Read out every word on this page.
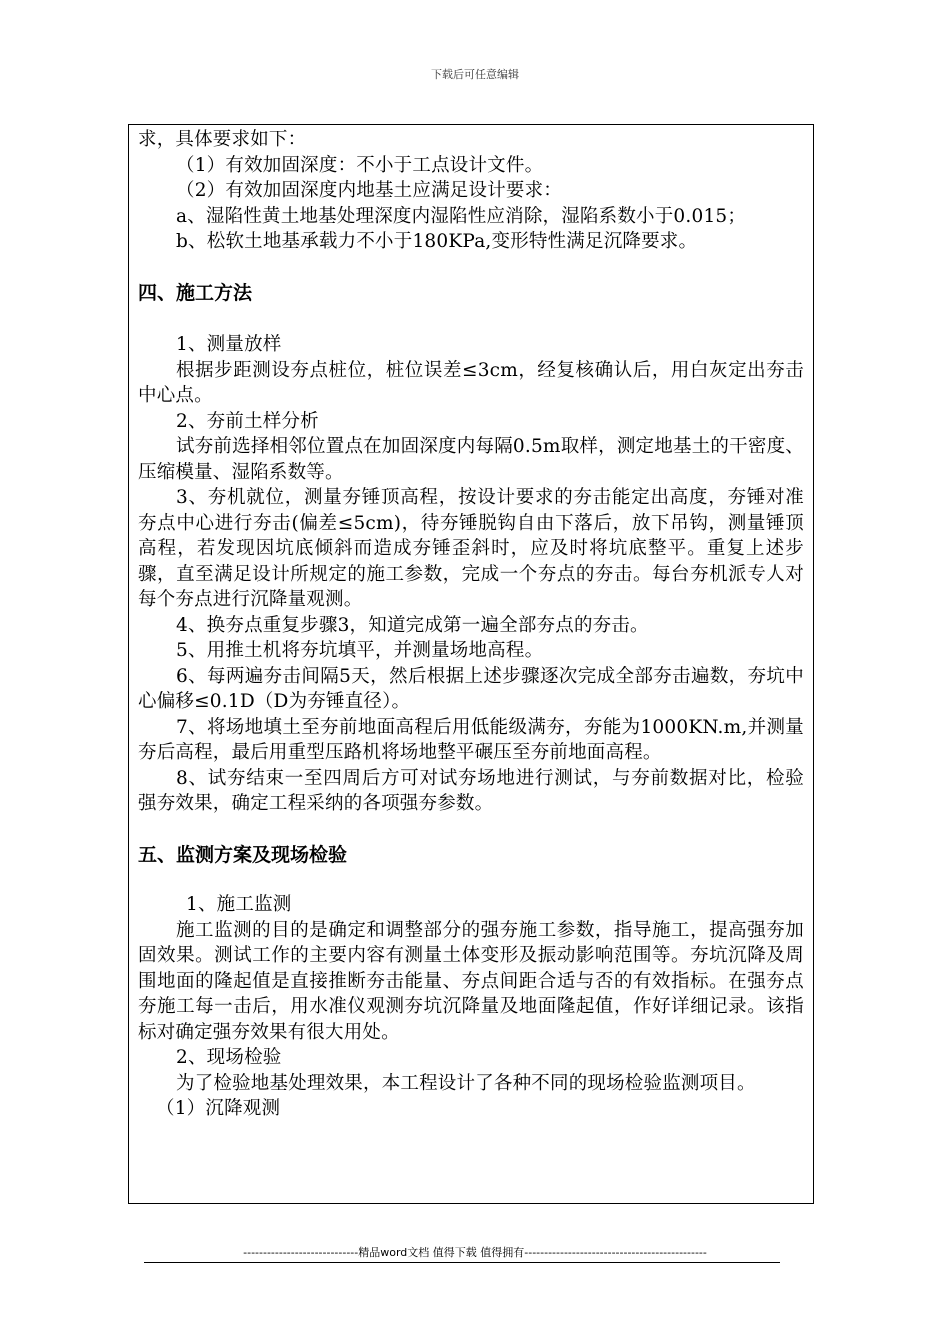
下载后可任意编辑

求，具体要求如下：

（1）有效加固深度：不小于工点设计文件。

（2）有效加固深度内地基土应满足设计要求：

a、湿陷性黄土地基处理深度内湿陷性应消除，湿陷系数小于0.015；

b、松软土地基承载力不小于180KPa,变形特性满足沉降要求。

四、施工方法

1、测量放样

根据步距测设夯点桩位，桩位误差≤3cm，经复核确认后，用白灰定出夯击中心点。

2、夯前土样分析

试夯前选择相邻位置点在加固深度内每隔0.5m取样，测定地基土的干密度、压缩模量、湿陷系数等。

3、夯机就位，测量夯锤顶高程，按设计要求的夯击能定出高度，夯锤对准夯点中心进行夯击(偏差≤5cm)，待夯锤脱钩自由下落后，放下吊钩，测量锤顶高程，若发现因坑底倾斜而造成夯锤歪斜时，应及时将坑底整平。重复上述步骤，直至满足设计所规定的施工参数，完成一个夯点的夯击。每台夯机派专人对每个夯点进行沉降量观测。

4、换夯点重复步骤3，知道完成第一遍全部夯点的夯击。

5、用推土机将夯坑填平，并测量场地高程。

6、每两遍夯击间隔5天，然后根据上述步骤逐次完成全部夯击遍数，夯坑中心偏移≤0.1D（D为夯锤直径）。

7、将场地填土至夯前地面高程后用低能级满夯，夯能为1000KN.m,并测量夯后高程，最后用重型压路机将场地整平碾压至夯前地面高程。

8、试夯结束一至四周后方可对试夯场地进行测试，与夯前数据对比，检验强夯效果，确定工程采纳的各项强夯参数。

五、监测方案及现场检验

1、施工监测

施工监测的目的是确定和调整部分的强夯施工参数，指导施工，提高强夯加固效果。测试工作的主要内容有测量土体变形及振动影响范围等。夯坑沉降及周围地面的隆起值是直接推断夯击能量、夯点间距合适与否的有效指标。在强夯点夯施工每一击后，用水准仪观测夯坑沉降量及地面隆起值，作好详细记录。该指标对确定强夯效果有很大用处。

2、现场检验

为了检验地基处理效果，本工程设计了各种不同的现场检验监测项目。

（1）沉降观测

-----------------------------精品word文档 值得下载 值得拥有----------------------------------------------
